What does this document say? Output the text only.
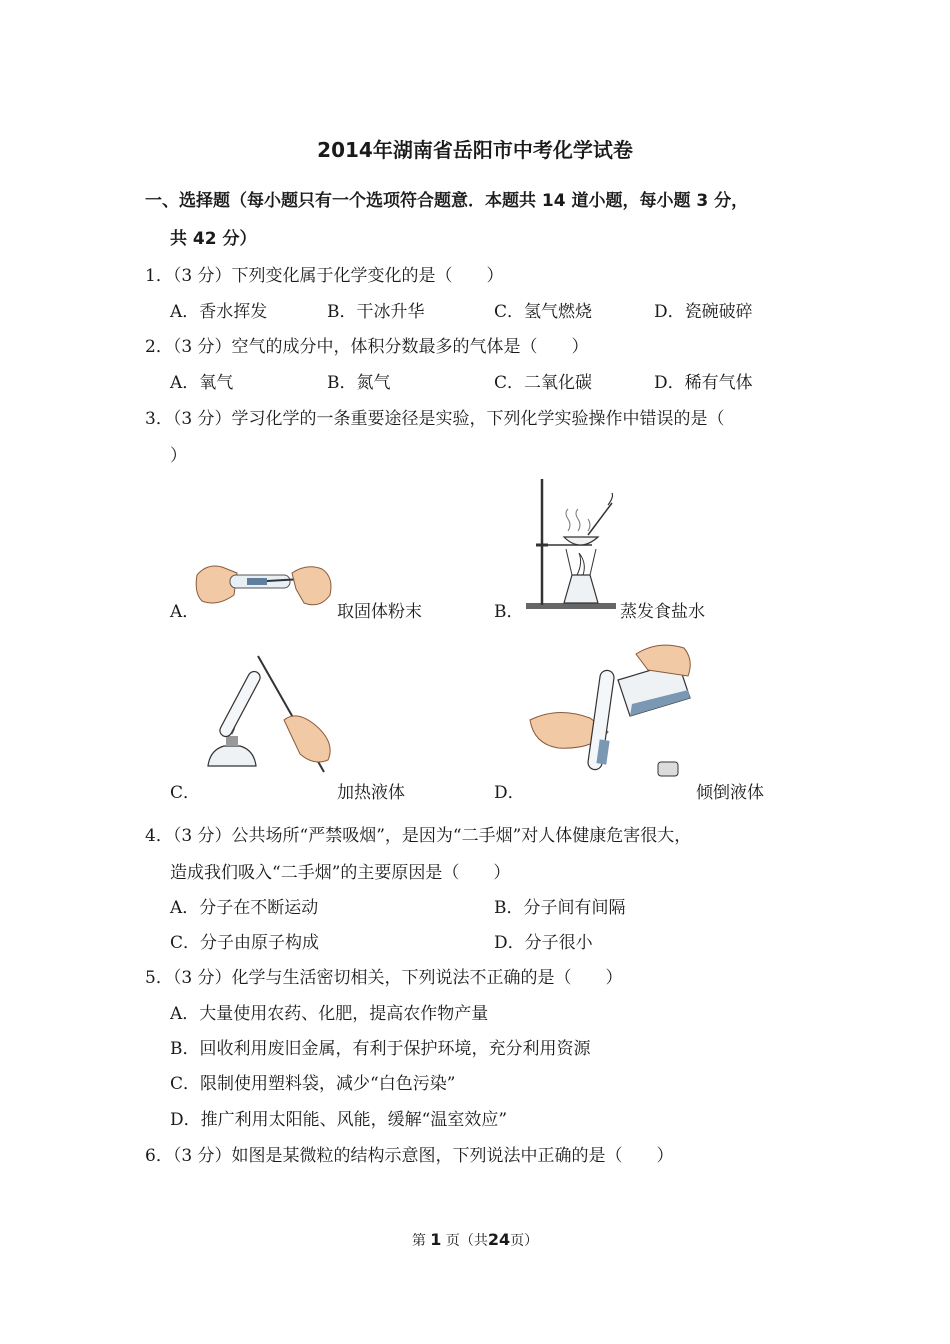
2014年湖南省岳阳市中考化学试卷
一、选择题（每小题只有一个选项符合题意．本题共 14 道小题，每小题 3 分，
共 42 分）
1．（3 分）下列变化属于化学变化的是（　　）
A．香水挥发	B．干冰升华	C．氢气燃烧	D．瓷碗破碎
2．（3 分）空气的成分中，体积分数最多的气体是（　　）
A．氧气	B．氮气	C．二氧化碳	D．稀有气体
3．（3 分）学习化学的一条重要途径是实验，下列化学实验操作中错误的是（
）
A．	取固体粉末	B．	蒸发食盐水
C．	加热液体	D．	倾倒液体
4．（3 分）公共场所“严禁吸烟”，是因为“二手烟”对人体健康危害很大，
造成我们吸入“二手烟”的主要原因是（　　）
A．分子在不断运动	B．分子间有间隔
C．分子由原子构成	D．分子很小
5．（3 分）化学与生活密切相关，下列说法不正确的是（　　）
A．大量使用农药、化肥，提高农作物产量
B．回收利用废旧金属，有利于保护环境，充分利用资源
C．限制使用塑料袋，减少“白色污染”
D．推广利用太阳能、风能，缓解“温室效应”
6．（3 分）如图是某微粒的结构示意图，下列说法中正确的是（　　）
第 1 页（共24页）
